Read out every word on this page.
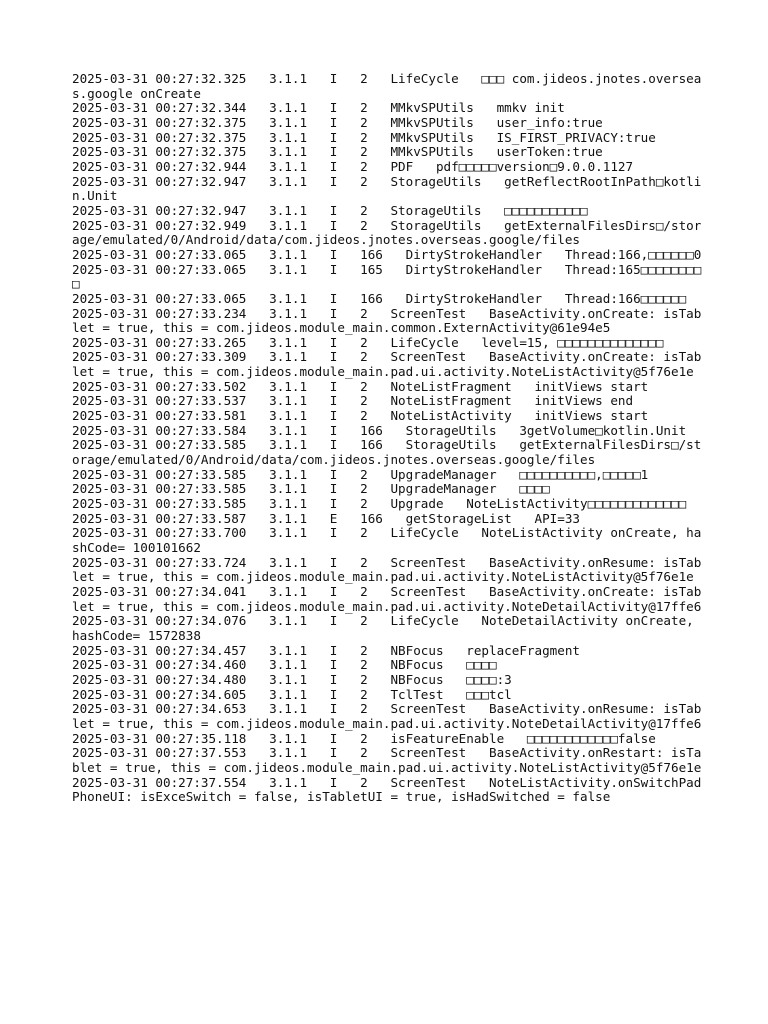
2025-03-31 00:27:32.325   3.1.1   I   2   LifeCycle   □□□ com.jideos.jnotes.overseas.google onCreate

2025-03-31 00:27:32.344   3.1.1   I   2   MMkvSPUtils   mmkv init

2025-03-31 00:27:32.375   3.1.1   I   2   MMkvSPUtils   user_info:true

2025-03-31 00:27:32.375   3.1.1   I   2   MMkvSPUtils   IS_FIRST_PRIVACY:true

2025-03-31 00:27:32.375   3.1.1   I   2   MMkvSPUtils   userToken:true

2025-03-31 00:27:32.944   3.1.1   I   2   PDF   pdf□□□□□version□9.0.0.1127

2025-03-31 00:27:32.947   3.1.1   I   2   StorageUtils   getReflectRootInPath□kotlin.Unit

2025-03-31 00:27:32.947   3.1.1   I   2   StorageUtils   □□□□□□□□□□□

2025-03-31 00:27:32.949   3.1.1   I   2   StorageUtils   getExternalFilesDirs□/storage/emulated/0/Android/data/com.jideos.jnotes.overseas.google/files

2025-03-31 00:27:33.065   3.1.1   I   166   DirtyStrokeHandler   Thread:166,□□□□□□0

2025-03-31 00:27:33.065   3.1.1   I   165   DirtyStrokeHandler   Thread:165□□□□□□□□□

2025-03-31 00:27:33.065   3.1.1   I   166   DirtyStrokeHandler   Thread:166□□□□□□

2025-03-31 00:27:33.234   3.1.1   I   2   ScreenTest   BaseActivity.onCreate: isTablet = true, this = com.jideos.module_main.common.ExternActivity@61e94e5

2025-03-31 00:27:33.265   3.1.1   I   2   LifeCycle   level=15, □□□□□□□□□□□□□□

2025-03-31 00:27:33.309   3.1.1   I   2   ScreenTest   BaseActivity.onCreate: isTablet = true, this = com.jideos.module_main.pad.ui.activity.NoteListActivity@5f76e1e

2025-03-31 00:27:33.502   3.1.1   I   2   NoteListFragment   initViews start

2025-03-31 00:27:33.537   3.1.1   I   2   NoteListFragment   initViews end

2025-03-31 00:27:33.581   3.1.1   I   2   NoteListActivity   initViews start

2025-03-31 00:27:33.584   3.1.1   I   166   StorageUtils   3getVolume□kotlin.Unit

2025-03-31 00:27:33.585   3.1.1   I   166   StorageUtils   getExternalFilesDirs□/storage/emulated/0/Android/data/com.jideos.jnotes.overseas.google/files

2025-03-31 00:27:33.585   3.1.1   I   2   UpgradeManager   □□□□□□□□□□,□□□□□1

2025-03-31 00:27:33.585   3.1.1   I   2   UpgradeManager   □□□□

2025-03-31 00:27:33.585   3.1.1   I   2   Upgrade   NoteListActivity□□□□□□□□□□□□□

2025-03-31 00:27:33.587   3.1.1   E   166   getStorageList   API=33

2025-03-31 00:27:33.700   3.1.1   I   2   LifeCycle   NoteListActivity onCreate, hashCode= 100101662

2025-03-31 00:27:33.724   3.1.1   I   2   ScreenTest   BaseActivity.onResume: isTablet = true, this = com.jideos.module_main.pad.ui.activity.NoteListActivity@5f76e1e

2025-03-31 00:27:34.041   3.1.1   I   2   ScreenTest   BaseActivity.onCreate: isTablet = true, this = com.jideos.module_main.pad.ui.activity.NoteDetailActivity@17ffe6

2025-03-31 00:27:34.076   3.1.1   I   2   LifeCycle   NoteDetailActivity onCreate, hashCode= 1572838

2025-03-31 00:27:34.457   3.1.1   I   2   NBFocus   replaceFragment

2025-03-31 00:27:34.460   3.1.1   I   2   NBFocus   □□□□

2025-03-31 00:27:34.480   3.1.1   I   2   NBFocus   □□□□:3

2025-03-31 00:27:34.605   3.1.1   I   2   TclTest   □□□tcl

2025-03-31 00:27:34.653   3.1.1   I   2   ScreenTest   BaseActivity.onResume: isTablet = true, this = com.jideos.module_main.pad.ui.activity.NoteDetailActivity@17ffe6

2025-03-31 00:27:35.118   3.1.1   I   2   isFeatureEnable   □□□□□□□□□□□□false

2025-03-31 00:27:37.553   3.1.1   I   2   ScreenTest   BaseActivity.onRestart: isTablet = true, this = com.jideos.module_main.pad.ui.activity.NoteListActivity@5f76e1e

2025-03-31 00:27:37.554   3.1.1   I   2   ScreenTest   NoteListActivity.onSwitchPadPhoneUI: isExceSwitch = false, isTabletUI = true, isHadSwitched = false
